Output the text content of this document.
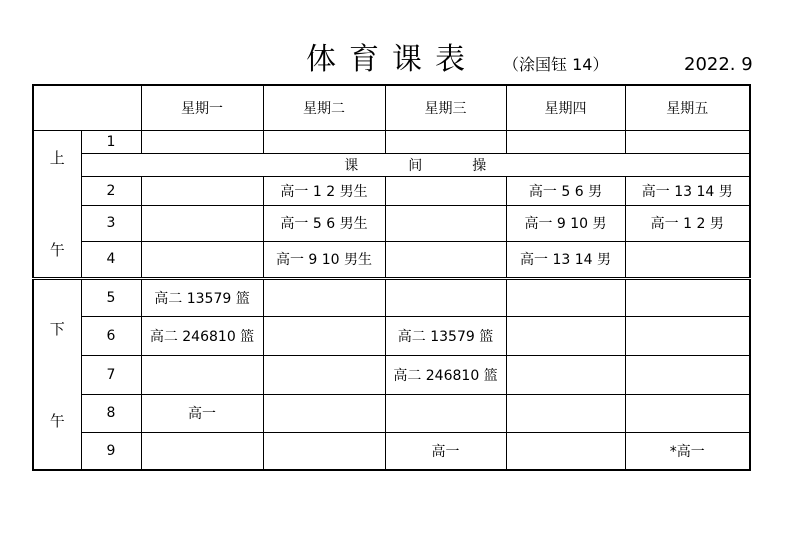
体育课表 （涂国钰 14）	2022. 9
		星期一	星期二	星期三	星期四	星期五

上
午	1					
	课 间 操					
	2		高一 1 2 男生		高一 5 6 男	高一 13 14 男
	3		高一 5 6 男生		高一 9 10 男	高一 1 2 男
	4		高一 9 10 男生		高一 13 14 男	

下
午	5	高二 13579 篮				
	6	高二 246810 篮		高二 13579 篮		
	7			高二 246810 篮		
	8	高一				
	9			高一		*高一
